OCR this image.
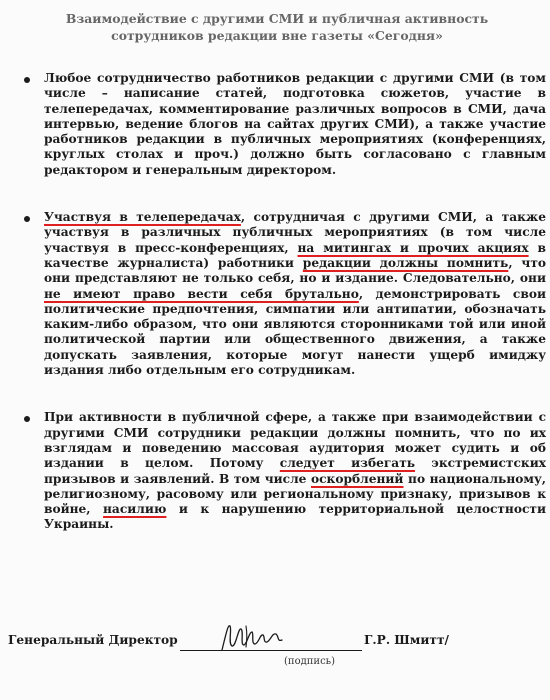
Взаимодействие с другими СМИ и публичная активность сотрудников редакции вне газеты «Сегодня»
Любое сотрудничество работников редакции с другими СМИ (в том числе – написание статей, подготовка сюжетов, участие в телепередачах, комментирование различных вопросов в СМИ, дача интервью, ведение блогов на сайтах других СМИ), а также участие работников редакции в публичных мероприятиях (конференциях, круглых столах и проч.) должно быть согласовано с главным редактором и генеральным директором.
Участвуя в телепередачах, сотрудничая с другими СМИ, а также участвуя в различных публичных мероприятиях (в том числе участвуя в пресс-конференциях, на митингах и прочих акциях в качестве журналиста) работники редакции должны помнить, что они представляют не только себя, но и издание. Следовательно, они не имеют право вести себя брутально, демонстрировать свои политические предпочтения, симпатии или антипатии, обозначать каким-либо образом, что они являются сторонниками той или иной политической партии или общественного движения, а также допускать заявления, которые могут нанести ущерб имиджу издания либо отдельным его сотрудникам.
При активности в публичной сфере, а также при взаимодействии с другими СМИ сотрудники редакции должны помнить, что по их взглядам и поведению массовая аудитория может судить и об издании в целом. Потому следует избегать экстремистских призывов и заявлений. В том числе оскорблений по национальному, религиозному, расовому или региональному признаку, призывов к войне, насилию и к нарушению территориальной целостности Украины.
Генеральный Директор	Г.Р. Шмитт/
(подпись)
